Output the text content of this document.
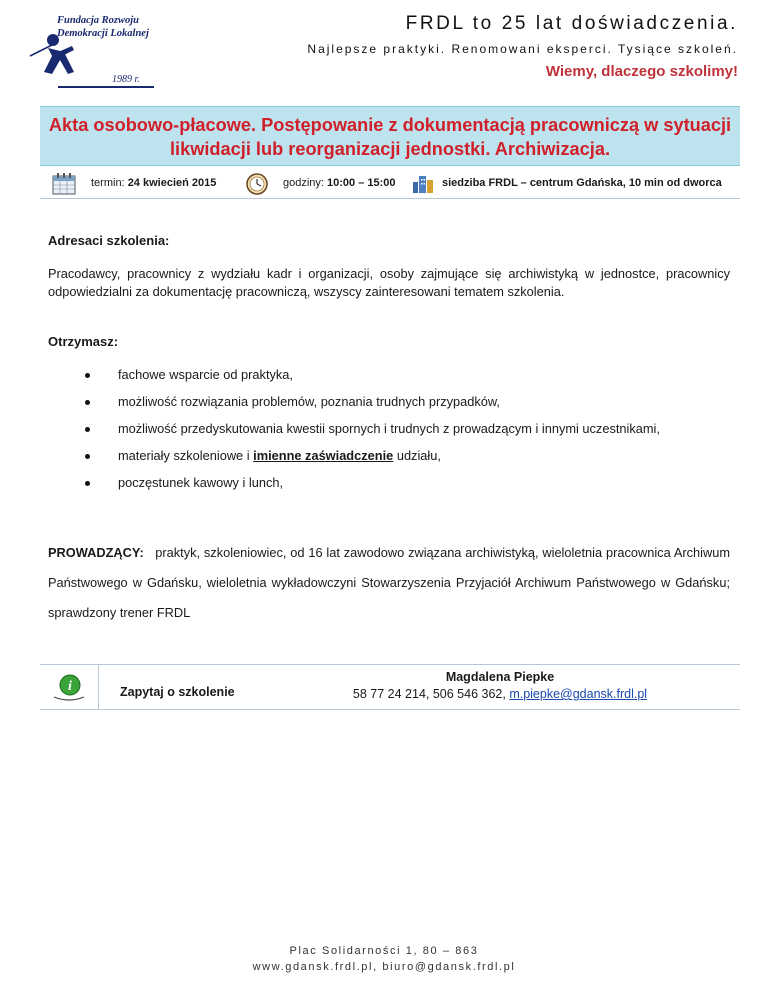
Fundacja Rozwoju
Demokracji Lokalnej
1989 r.
FRDL to 25 lat doświadczenia.
Najlepsze praktyki. Renomowani eksperci. Tysiące szkoleń.
Wiemy, dlaczego szkolimy!
Akta osobowo-płacowe. Postępowanie z dokumentacją pracowniczą w sytuacji
likwidacji lub reorganizacji jednostki. Archiwizacja.
termin: 24 kwiecień 2015	godziny: 10:00 – 15:00	siedziba FRDL – centrum Gdańska, 10 min od dworca
Adresaci szkolenia:
Pracodawcy, pracownicy z wydziału kadr i organizacji, osoby zajmujące się archiwistyką w jednostce, pracownicy odpowiedzialni za dokumentację pracowniczą, wszyscy zainteresowani tematem szkolenia.
Otrzymasz:
fachowe wsparcie od praktyka,
możliwość rozwiązania problemów, poznania trudnych przypadków,
możliwość przedyskutowania kwestii spornych i trudnych z prowadzącym i innymi uczestnikami,
materiały szkoleniowe i imienne zaświadczenie udziału,
poczęstunek kawowy i lunch,
PROWADZĄCY: praktyk, szkoleniowiec, od 16 lat zawodowo związana archiwistyką, wieloletnia pracownica Archiwum Państwowego w Gdańsku, wieloletnia wykładowczyni Stowarzyszenia Przyjaciół Archiwum Państwowego w Gdańsku; sprawdzony trener FRDL
i	Zapytaj o szkolenie
Magdalena Piepke
58 77 24 214, 506 546 362, m.piepke@gdansk.frdl.pl
Plac Solidarności 1, 80 – 863
www.gdansk.frdl.pl, biuro@gdansk.frdl.pl
